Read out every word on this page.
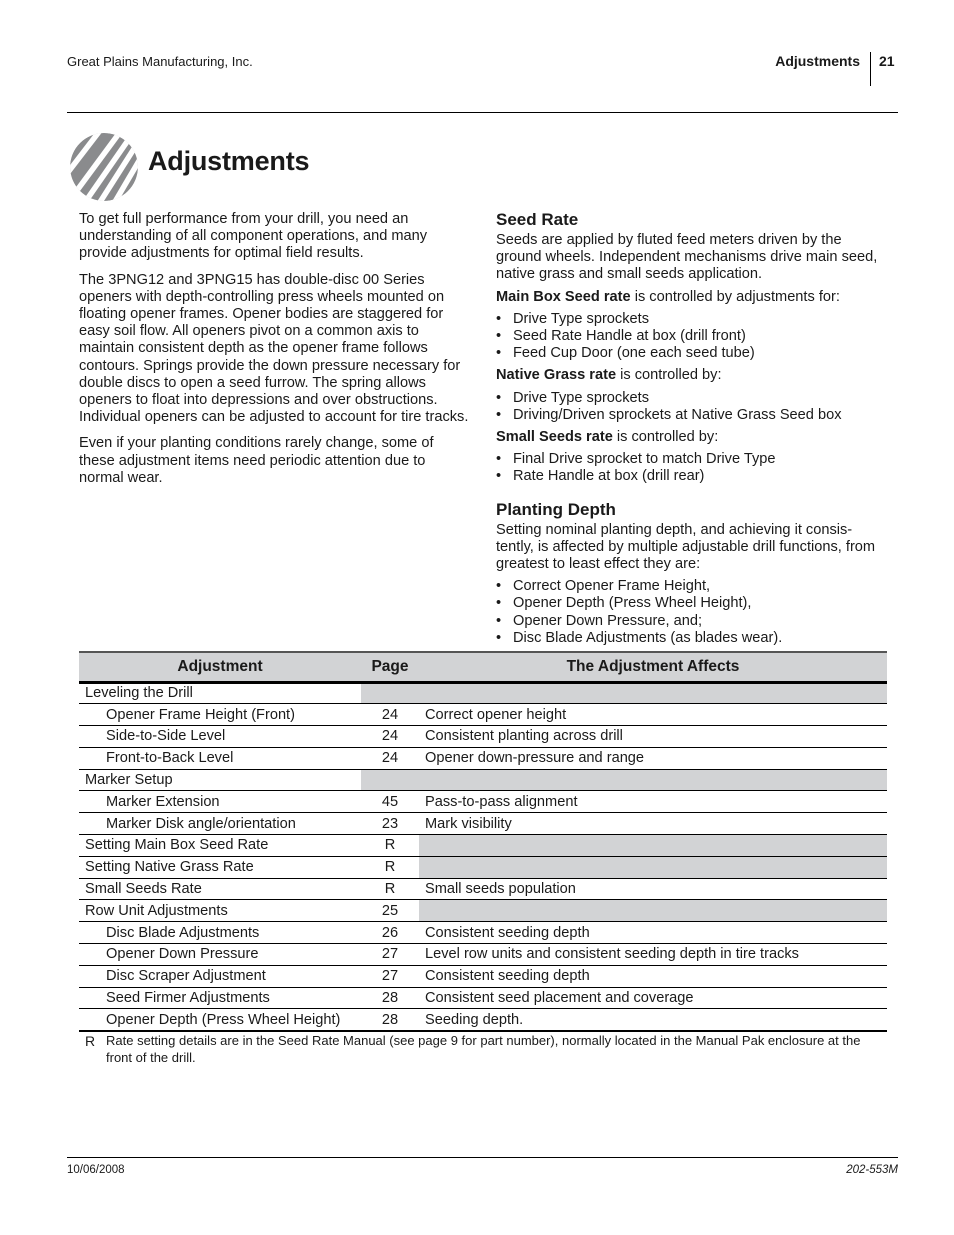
Great Plains Manufacturing, Inc.	Adjustments 21
Adjustments

To get full performance from your drill, you need an understanding of all component operations, and many provide adjustments for optimal field results.

The 3PNG12 and 3PNG15 has double-disc 00 Series openers with depth-controlling press wheels mounted on floating opener frames. Opener bodies are staggered for easy soil flow. All openers pivot on a common axis to maintain consistent depth as the opener frame follows contours. Springs provide the down pressure necessary for double discs to open a seed furrow. The spring allows openers to float into depressions and over obstructions. Individual openers can be adjusted to account for tire tracks.

Even if your planting conditions rarely change, some of these adjustment items need periodic attention due to normal wear.

Seed Rate

Seeds are applied by fluted feed meters driven by the ground wheels. Independent mechanisms drive main seed, native grass and small seeds application.

Main Box Seed rate is controlled by adjustments for:

• Drive Type sprockets
• Seed Rate Handle at box (drill front)
• Feed Cup Door (one each seed tube)

Native Grass rate is controlled by:

• Drive Type sprockets
• Driving/Driven sprockets at Native Grass Seed box

Small Seeds rate is controlled by:

• Final Drive sprocket to match Drive Type
• Rate Handle at box (drill rear)
Planting Depth

Setting nominal planting depth, and achieving it consis-tently, is affected by multiple adjustable drill functions, from greatest to least effect they are:

• Correct Opener Frame Height,
• Opener Depth (Press Wheel Height),
• Opener Down Pressure, and;
• Disc Blade Adjustments (as blades wear).
Adjustment	Page	The Adjustment Affects
Leveling the Drill		
Opener Frame Height (Front)	24	Correct opener height
Side-to-Side Level	24	Consistent planting across drill
Front-to-Back Level	24	Opener down-pressure and range
Marker Setup		
Marker Extension	45	Pass-to-pass alignment
Marker Disk angle/orientation	23	Mark visibility
Setting Main Box Seed Rate	R	
Setting Native Grass Rate	R	
Small Seeds Rate	R	Small seeds population
Row Unit Adjustments	25	
Disc Blade Adjustments	26	Consistent seeding depth
Opener Down Pressure	27	Level row units and consistent seeding depth in tire tracks
Disc Scraper Adjustment	27	Consistent seeding depth
Seed Firmer Adjustments	28	Consistent seed placement and coverage
Opener Depth (Press Wheel Height)	28	Seeding depth.
R Rate setting details are in the Seed Rate Manual (see page 9 for part number), normally located in the Manual Pak enclosure at the front of the drill.
10/06/2008	202-553M
